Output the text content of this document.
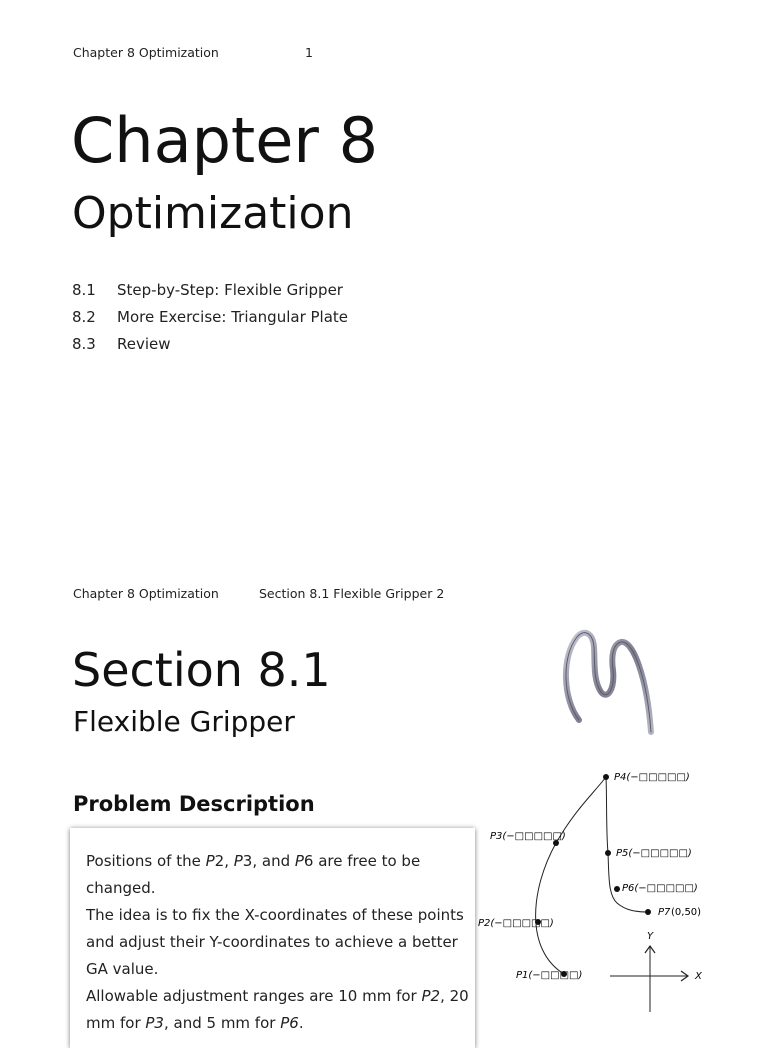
Chapter 8 Optimization	1
Chapter 8
Optimization
8.1 Step-by-Step: Flexible Gripper
8.2 More Exercise: Triangular Plate
8.3 Review
Chapter 8 Optimization	Section 8.1 Flexible Gripper 2
Section 8.1
Flexible Gripper
Problem Description
P1(−□□□□)
P2(−□□□□□)
P3(−□□□□□)
P4(−□□□□□)
P5(−□□□□□)
P6(−□□□□□)
P7 (0,50)
X
Y

Positions of the P2, P3, and P6 are free to be changed.

The idea is to fix the X-coordinates of these points and adjust their Y-coordinates to achieve a better GA value.

Allowable adjustment ranges are 10 mm for P2, 20 mm for P3, and 5 mm for P6.
